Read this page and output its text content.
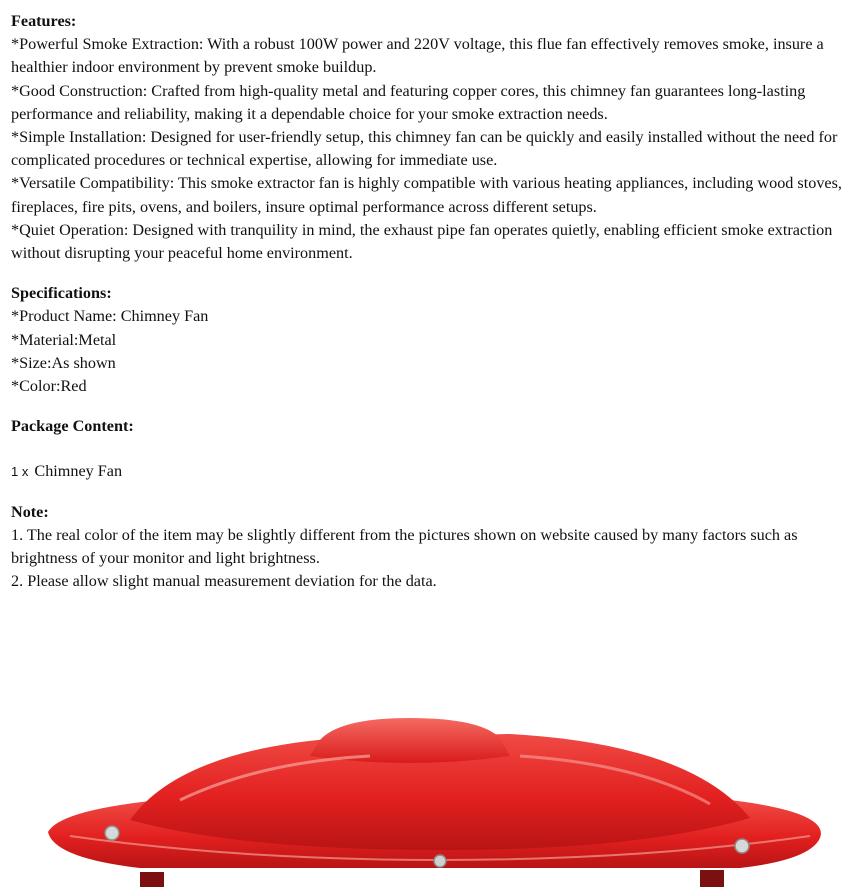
Features:

*Powerful Smoke Extraction: With a robust 100W power and 220V voltage, this flue fan effectively removes smoke, insure a healthier indoor environment by prevent smoke buildup.

*Good Construction: Crafted from high-quality metal and featuring copper cores, this chimney fan guarantees long-lasting performance and reliability, making it a dependable choice for your smoke extraction needs.

*Simple Installation: Designed for user-friendly setup, this chimney fan can be quickly and easily installed without the need for complicated procedures or technical expertise, allowing for immediate use.

*Versatile Compatibility: This smoke extractor fan is highly compatible with various heating appliances, including wood stoves, fireplaces, fire pits, ovens, and boilers, insure optimal performance across different setups.

*Quiet Operation: Designed with tranquility in mind, the exhaust pipe fan operates quietly, enabling efficient smoke extraction without disrupting your peaceful home environment.

Specifications:

*Product Name: Chimney Fan

*Material:Metal

*Size:As shown

*Color:Red

Package Content:
1 x Chimney Fan
Note:

1. The real color of the item may be slightly different from the pictures shown on website caused by many factors such as brightness of your monitor and light brightness.

2. Please allow slight manual measurement deviation for the data.
